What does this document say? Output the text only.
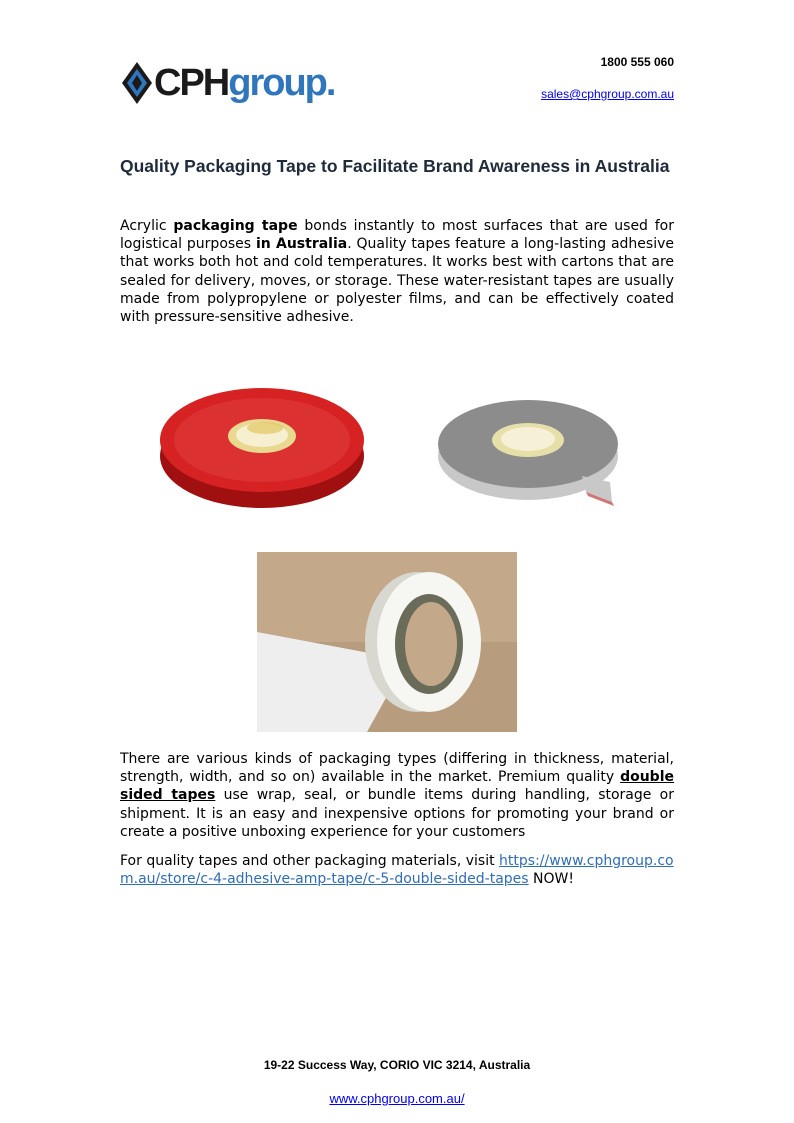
CPHgroup.	1800 555 060
sales@cphgroup.com.au
Quality Packaging Tape to Facilitate Brand Awareness in Australia
Acrylic packaging tape bonds instantly to most surfaces that are used for logistical purposes in Australia. Quality tapes feature a long-lasting adhesive that works both hot and cold temperatures. It works best with cartons that are sealed for delivery, moves, or storage. These water-resistant tapes are usually made from polypropylene or polyester films, and can be effectively coated with pressure-sensitive adhesive.
There are various kinds of packaging types (differing in thickness, material, strength, width, and so on) available in the market. Premium quality double sided tapes use wrap, seal, or bundle items during handling, storage or shipment. It is an easy and inexpensive options for promoting your brand or create a positive unboxing experience for your customers
For quality tapes and other packaging materials, visit https://www.cphgroup.com.au/store/c-4-adhesive-amp-tape/c-5-double-sided-tapes NOW!
19-22 Success Way, CORIO VIC 3214, Australia
www.cphgroup.com.au/
